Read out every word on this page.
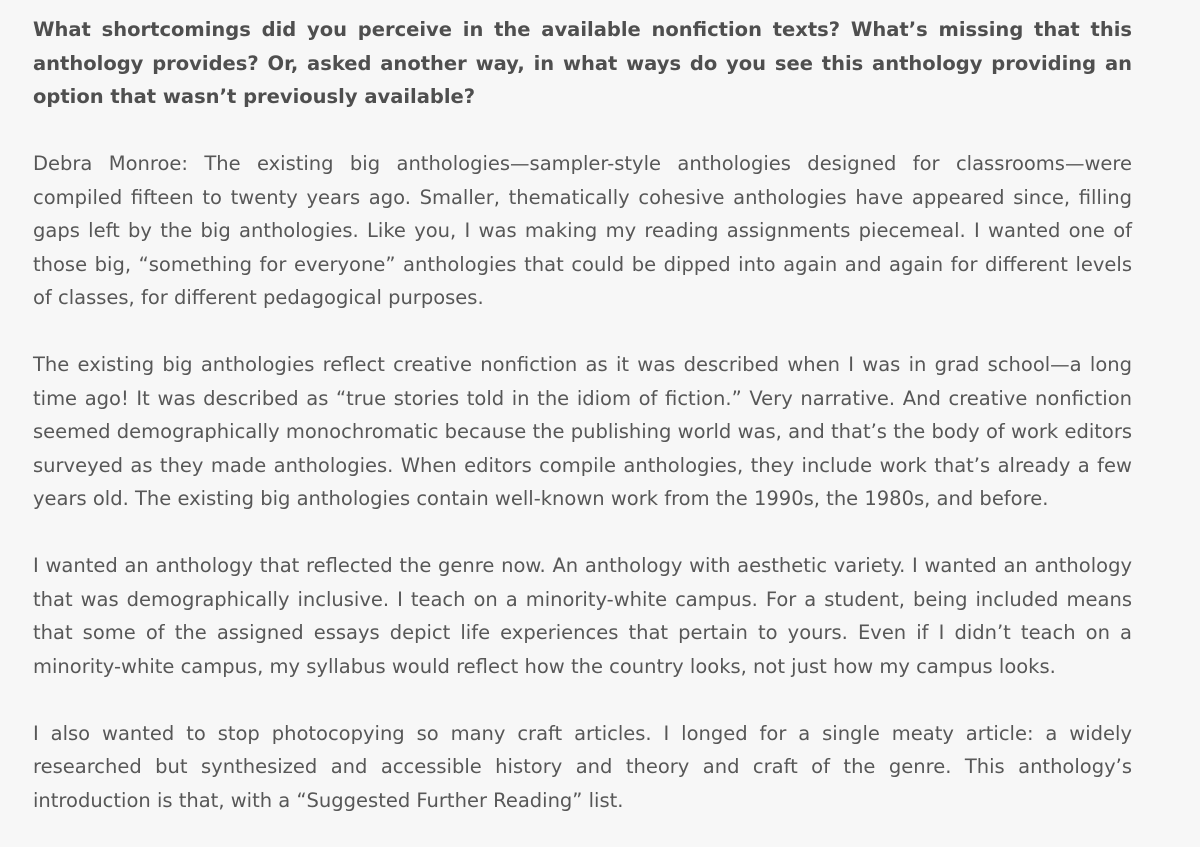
What shortcomings did you perceive in the available nonfiction texts? What’s missing that this anthology provides? Or, asked another way, in what ways do you see this anthology providing an option that wasn’t previously available?

Debra Monroe: The existing big anthologies—sampler-style anthologies designed for classrooms—were compiled fifteen to twenty years ago. Smaller, thematically cohesive anthologies have appeared since, filling gaps left by the big anthologies. Like you, I was making my reading assignments piecemeal. I wanted one of those big, “something for everyone” anthologies that could be dipped into again and again for different levels of classes, for different pedagogical purposes.

The existing big anthologies reflect creative nonfiction as it was described when I was in grad school—a long time ago! It was described as “true stories told in the idiom of fiction.” Very narrative. And creative nonfiction seemed demographically monochromatic because the publishing world was, and that’s the body of work editors surveyed as they made anthologies. When editors compile anthologies, they include work that’s already a few years old. The existing big anthologies contain well-known work from the 1990s, the 1980s, and before.

I wanted an anthology that reflected the genre now. An anthology with aesthetic variety. I wanted an anthology that was demographically inclusive. I teach on a minority-white campus. For a student, being included means that some of the assigned essays depict life experiences that pertain to yours. Even if I didn’t teach on a minority-white campus, my syllabus would reflect how the country looks, not just how my campus looks.

I also wanted to stop photocopying so many craft articles. I longed for a single meaty article: a widely researched but synthesized and accessible history and theory and craft of the genre. This anthology’s introduction is that, with a “Suggested Further Reading” list.
